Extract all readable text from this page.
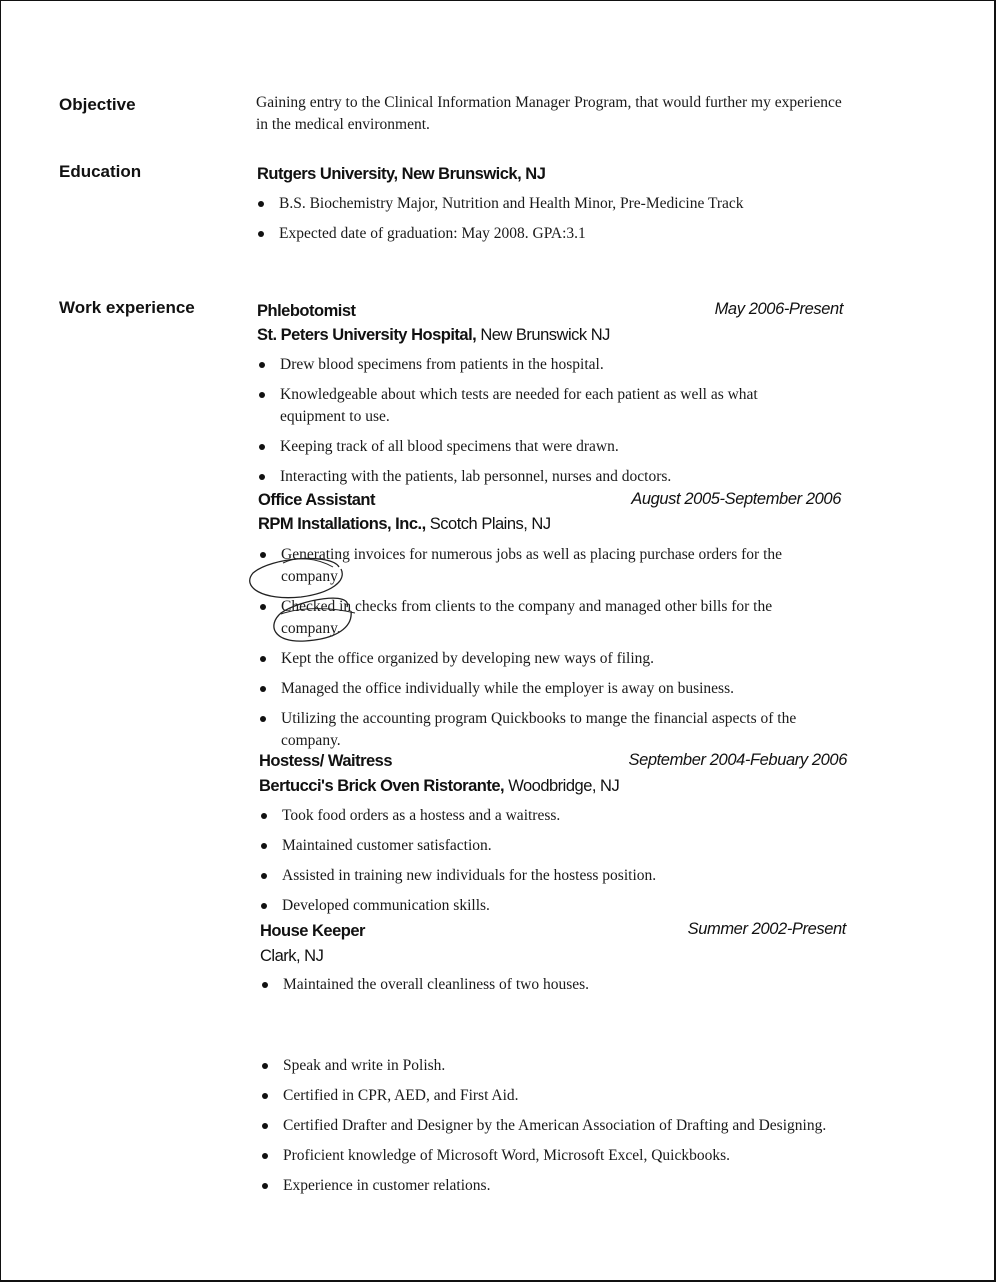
Objective	Gaining entry to the Clinical Information Manager Program, that would further my experience in the medical environment.
Education	Rutgers University, New Brunswick, NJ
B.S. Biochemistry Major, Nutrition and Health Minor, Pre-Medicine Track
Expected date of graduation: May 2008. GPA:3.1
Work experience	Phlebotomist	May 2006-Present
St. Peters University Hospital, New Brunswick NJ
Drew blood specimens from patients in the hospital.
Knowledgeable about which tests are needed for each patient as well as what equipment to use.
Keeping track of all blood specimens that were drawn.
Interacting with the patients, lab personnel, nurses and doctors.
Office Assistant	August 2005-September 2006
RPM Installations, Inc., Scotch Plains, NJ
Generating invoices for numerous jobs as well as placing purchase orders for the company
Checked in checks from clients to the company and managed other bills for the company.
Kept the office organized by developing new ways of filing.
Managed the office individually while the employer is away on business.
Utilizing the accounting program Quickbooks to mange the financial aspects of the company.
Hostess/ Waitress	September 2004-Febuary 2006
Bertucci's Brick Oven Ristorante, Woodbridge, NJ
Took food orders as a hostess and a waitress.
Maintained customer satisfaction.
Assisted in training new individuals for the hostess position.
Developed communication skills.
House Keeper	Summer 2002-Present
Clark, NJ
Maintained the overall cleanliness of two houses.
Speak and write in Polish.
Certified in CPR, AED, and First Aid.
Certified Drafter and Designer by the American Association of Drafting and Designing.
Proficient knowledge of Microsoft Word, Microsoft Excel, Quickbooks.
Experience in customer relations.
